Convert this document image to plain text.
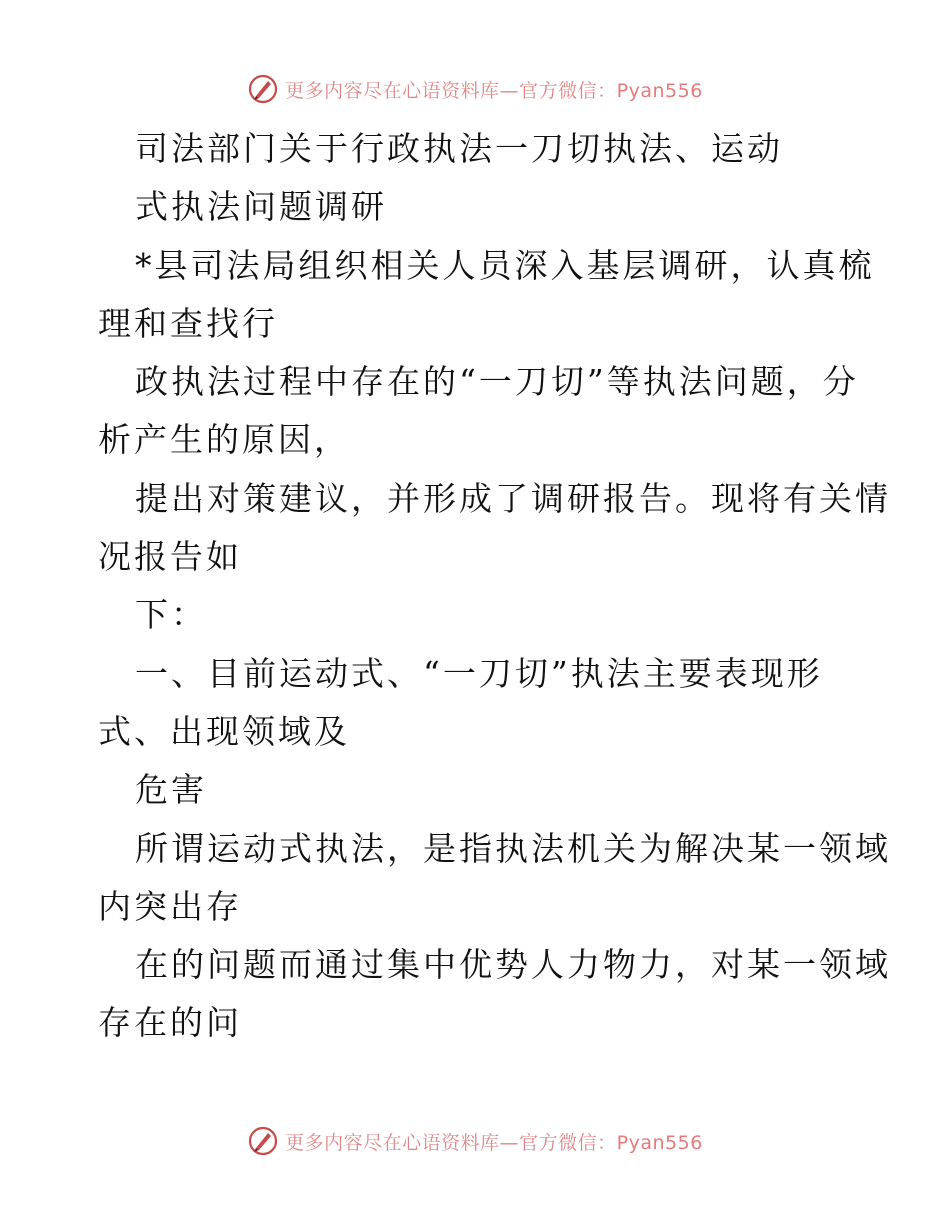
更多内容尽在心语资料库—官方微信：Pyan556
司法部门关于行政执法一刀切执法、运动
式执法问题调研
*县司法局组织相关人员深入基层调研，认真梳
理和查找行
政执法过程中存在的“一刀切”等执法问题，分
析产生的原因，
提出对策建议，并形成了调研报告。现将有关情
况报告如
下：
一、目前运动式、“一刀切”执法主要表现形
式、出现领域及
危害
所谓运动式执法，是指执法机关为解决某一领域
内突出存
在的问题而通过集中优势人力物力，对某一领域
存在的问
更多内容尽在心语资料库—官方微信：Pyan556
